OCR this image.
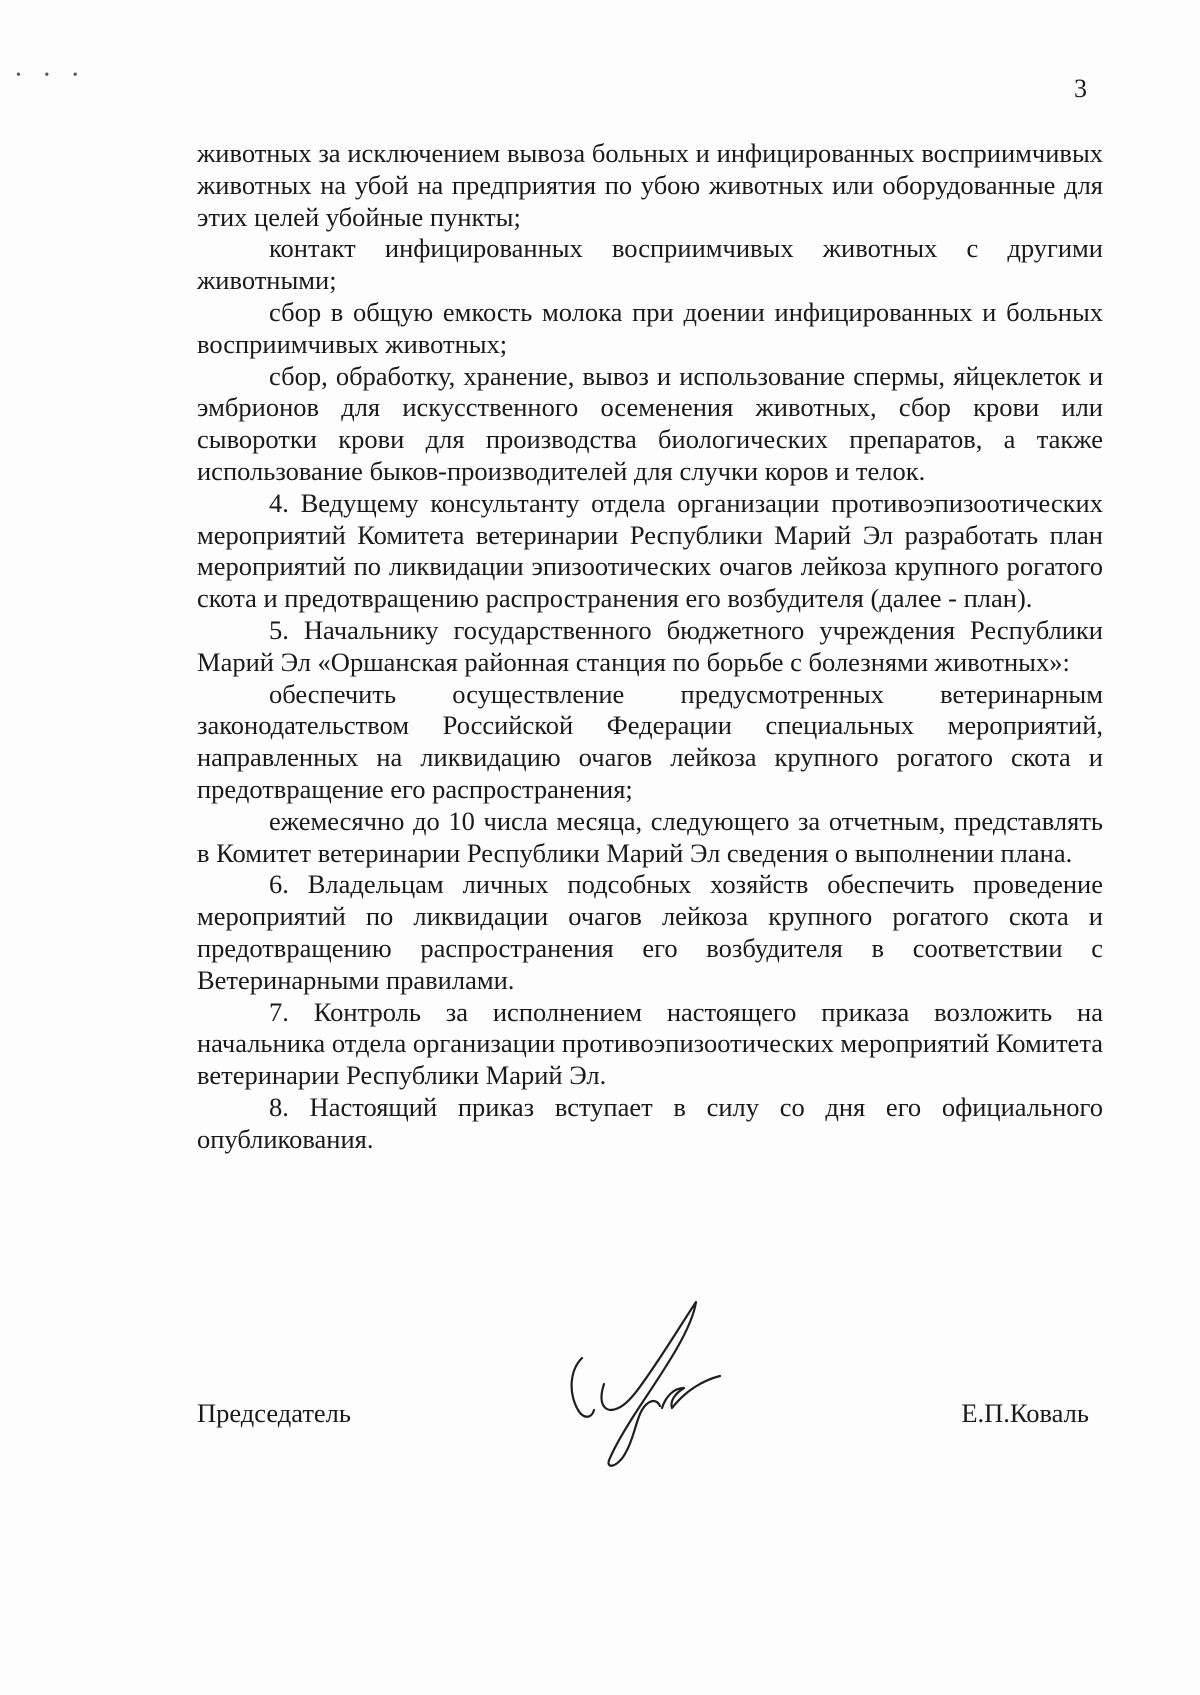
• • •	3

животных за исключением вывоза больных и инфицированных восприимчивых животных на убой на предприятия по убою животных или оборудованные для этих целей убойные пункты;

контакт инфицированных восприимчивых животных с другими животными;

сбор в общую емкость молока при доении инфицированных и больных восприимчивых животных;

сбор, обработку, хранение, вывоз и использование спермы, яйцеклеток и эмбрионов для искусственного осеменения животных, сбор крови или сыворотки крови для производства биологических препаратов, а также использование быков-производителей для случки коров и телок.

4. Ведущему консультанту отдела организации противоэпизоотических мероприятий Комитета ветеринарии Республики Марий Эл разработать план мероприятий по ликвидации эпизоотических очагов лейкоза крупного рогатого скота и предотвращению распространения его возбудителя (далее - план).

5. Начальнику государственного бюджетного учреждения Республики Марий Эл «Оршанская районная станция по борьбе с болезнями животных»:

обеспечить осуществление предусмотренных ветеринарным законодательством Российской Федерации специальных мероприятий, направленных на ликвидацию очагов лейкоза крупного рогатого скота и предотвращение его распространения;

ежемесячно до 10 числа месяца, следующего за отчетным, представлять в Комитет ветеринарии Республики Марий Эл сведения о выполнении плана.

6. Владельцам личных подсобных хозяйств обеспечить проведение мероприятий по ликвидации очагов лейкоза крупного рогатого скота и предотвращению распространения его возбудителя в соответствии с Ветеринарными правилами.

7. Контроль за исполнением настоящего приказа возложить на начальника отдела организации противоэпизоотических мероприятий Комитета ветеринарии Республики Марий Эл.

8. Настоящий приказ вступает в силу со дня его официального опубликования.

Председатель	Е.П.Коваль
